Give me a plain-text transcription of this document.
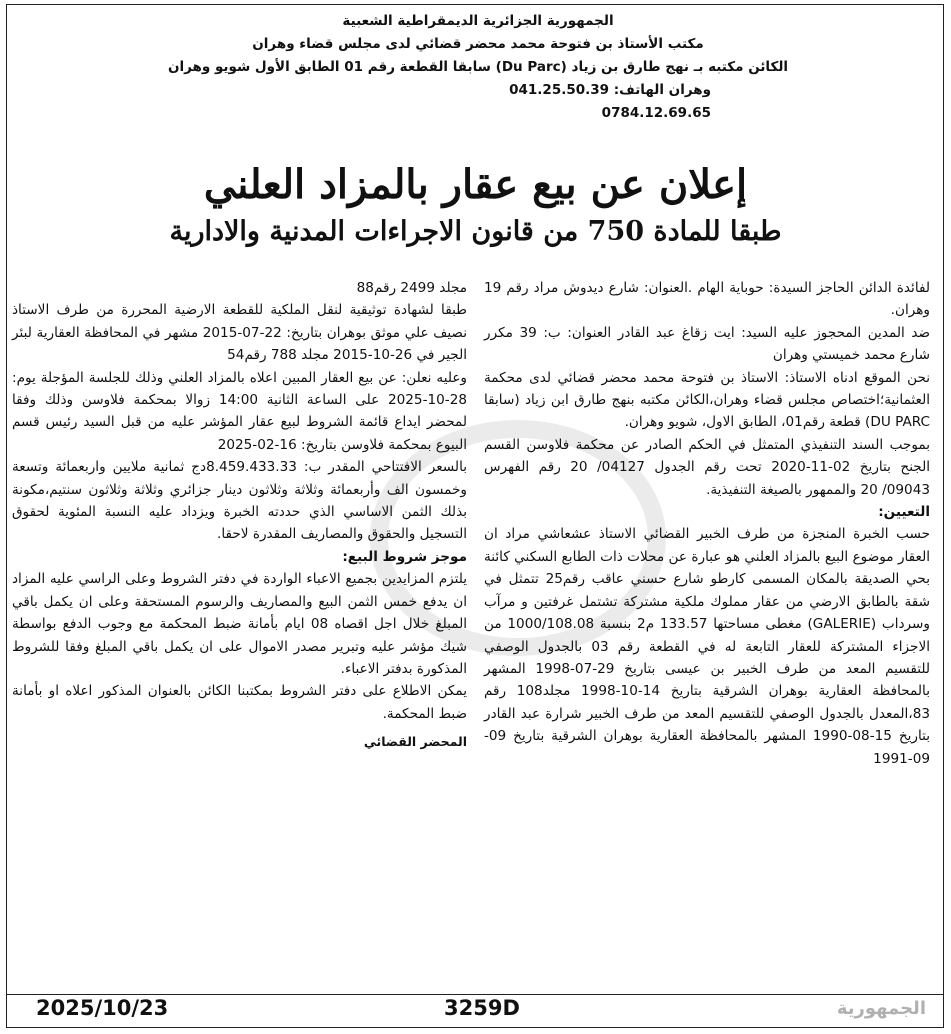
الجمهورية الجزائرية الديمقراطية الشعبية
مكتب الأستاذ بن فتوحة محمد محضر قضائي لدى مجلس قضاء وهران
الكائن مكتبه بـ نهج طارق بن زياد (Du Parc) سابقا القطعة رقم 01 الطابق الأول شويو وهران
وهران الهاتف: 041.25.50.39
0784.12.69.65
إعلان عن بيع عقار بالمزاد العلني
طبقا للمادة 750 من قانون الاجراءات المدنية والادارية

لفائدة الدائن الحاجز السيدة: حوباية الهام .العنوان: شارع ديدوش مراد رقم 19 وهران.

ضد المدين المحجوز عليه السيد: ايت زقاغ عبد القادر العنوان: ب: 39 مكرر شارع محمد خميستي وهران

نحن الموقع ادناه الاستاذ: الاستاذ بن فتوحة محمد محضر قضائي لدى محكمة العثمانية؛اختصاص مجلس قضاء وهران،الكائن مكتبه بنهج طارق ابن زياد (سابقا DU PARC) قطعة رقم01، الطابق الاول، شويو وهران.

بموجب السند التنفيذي المتمثل في الحكم الصادر عن محكمة فلاوسن القسم الجنح بتاريخ 02-11-2020 تحت رقم الجدول 04127/ 20 رقم الفهرس 09043/ 20 والممهور بالصيغة التنفيذية.

التعيين:

حسب الخبرة المنجزة من طرف الخبير القضائي الاستاذ عشعاشي مراد ان العقار موضوع البيع بالمزاد العلني هو عبارة عن محلات ذات الطابع السكني كائنة بحي الصديقة بالمكان المسمى كارطو شارع حسني عاقب رقم25 تتمثل في شقة بالطابق الارضي من عقار مملوك ملكية مشتركة تشتمل غرفتين و مرآب وسرداب (GALERIE) مغطى مساحتها 133.57 م2 بنسبة 1000/108.08 من الاجزاء المشتركة للعقار التابعة له في القطعة رقم 03 بالجدول الوصفي للتقسيم المعد من طرف الخبير بن عيسى بتاريخ 29-07-1998 المشهر بالمحافظة العقارية بوهران الشرقية بتاريخ 14-10-1998 مجلد108 رقم 83،المعدل بالجدول الوصفي للتقسيم المعد من طرف الخبير شرارة عبد القادر بتاريخ 15-08-1990 المشهر بالمحافظة العقارية بوهران الشرقية بتاريخ 09-09-1991

مجلد 2499 رقم88

طبقا لشهادة توثيقية لنقل الملكية للقطعة الارضية المحررة من طرف الاستاذ نصيف علي موثق بوهران بتاريخ: 22-07-2015 مشهر في المحافظة العقارية لبئر الجير في 26-10-2015 مجلد 788 رقم54

وعليه نعلن: عن بيع العقار المبين اعلاه بالمزاد العلني وذلك للجلسة المؤجلة يوم: 28-10-2025 على الساعة الثانية 14:00 زوالا بمحكمة فلاوسن وذلك وفقا لمحضر ايداع قائمة الشروط لبيع عقار المؤشر عليه من قبل السيد رئيس قسم البيوع بمحكمة فلاوسن بتاريخ: 16-02-2025

بالسعر الافتتاحي المقدر ب: 8.459.433.33دج ثمانية ملايين واربعمائة وتسعة وخمسون الف وأربعمائة وثلاثة وثلاثون دينار جزائري وثلاثة وثلاثون سنتيم،مكونة بذلك الثمن الاساسي الذي حددته الخبرة ويزداد عليه النسبة المئوية لحقوق التسجيل والحقوق والمصاريف المقدرة لاحقا.

موجز شروط البيع:

يلتزم المزايدين بجميع الاعباء الواردة في دفتر الشروط وعلى الراسي عليه المزاد ان يدفع خمس الثمن البيع والمصاريف والرسوم المستحقة وعلى ان يكمل باقي المبلغ خلال اجل اقصاه 08 ايام بأمانة ضبط المحكمة مع وجوب الدفع بواسطة شيك مؤشر عليه وتبرير مصدر الاموال على ان يكمل باقي المبلغ وفقا للشروط المذكورة بدفتر الاعباء.

يمكن الاطلاع على دفتر الشروط بمكتبنا الكائن بالعنوان المذكور اعلاه او بأمانة ضبط المحكمة.

المحضر القضائي

2025/10/23	3259D	الجمهورية
